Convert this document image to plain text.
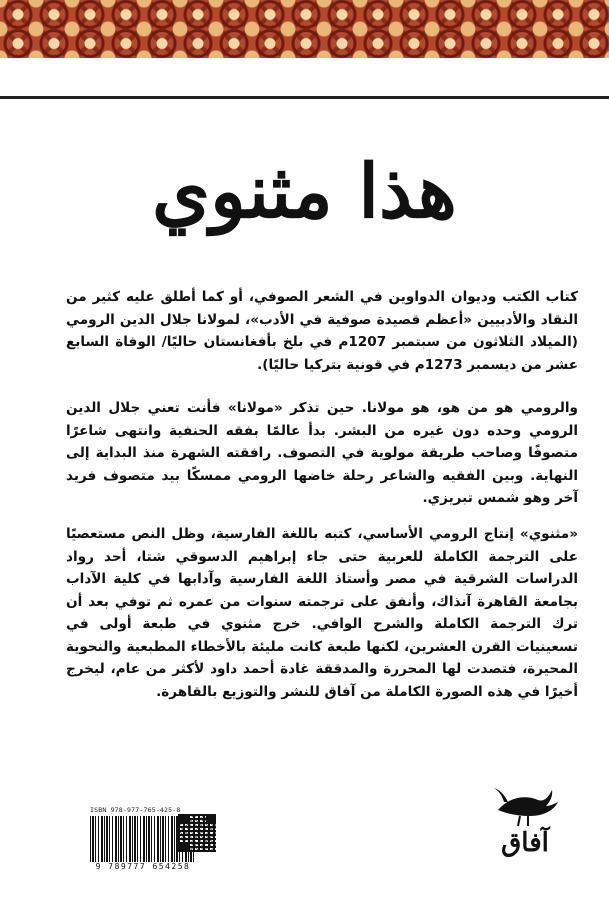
هذا مثنوي
كتاب الكتب وديوان الدواوين في الشعر الصوفي، أو كما أطلق عليه كثير من النقاد والأدبيين «أعظم قصيدة صوفية في الأدب»، لمولانا جلال الدين الرومي (الميلاد الثلاثون من سبتمبر 1207م في بلخ بأفغانستان حاليًا/ الوفاة السابع عشر من ديسمبر 1273م في قونية بتركيا حاليًا).
والرومي هو من هو، هو مولانا. حين تذكر «مولانا» فأنت تعني جلال الدين الرومي وحده دون غيره من البشر. بدأ عالمًا بفقه الحنفية وانتهى شاعرًا متصوفًا وصاحب طريقة مولوية في التصوف. رافقته الشهرة منذ البداية إلى النهاية. وبين الفقيه والشاعر رحلة خاضها الرومي ممسكًا بيد متصوف فريد آخر وهو شمس تبريزي.
«مثنوي» إنتاج الرومي الأساسي، كتبه باللغة الفارسية، وظل النص مستعصيًا على الترجمة الكاملة للعربية حتى جاء إبراهيم الدسوقي شتا، أحد رواد الدراسات الشرقية في مصر وأستاذ اللغة الفارسية وآدابها في كلية الآداب بجامعة القاهرة آنذاك، وأنفق على ترجمته سنوات من عمره ثم توفي بعد أن ترك الترجمة الكاملة والشرح الوافي. خرج مثنوي في طبعة أولى في تسعينيات القرن العشرين، لكنها طبعة كانت مليئة بالأخطاء المطبعية والنحوية المحيرة، فتصدت لها المحررة والمدققة غادة أحمد داود لأكثر من عام، ليخرج أخيرًا في هذه الصورة الكاملة من آفاق للنشر والتوزيع بالقاهرة.
ISBN 978-977-765-425-8
9 789777 654258
آفاق
